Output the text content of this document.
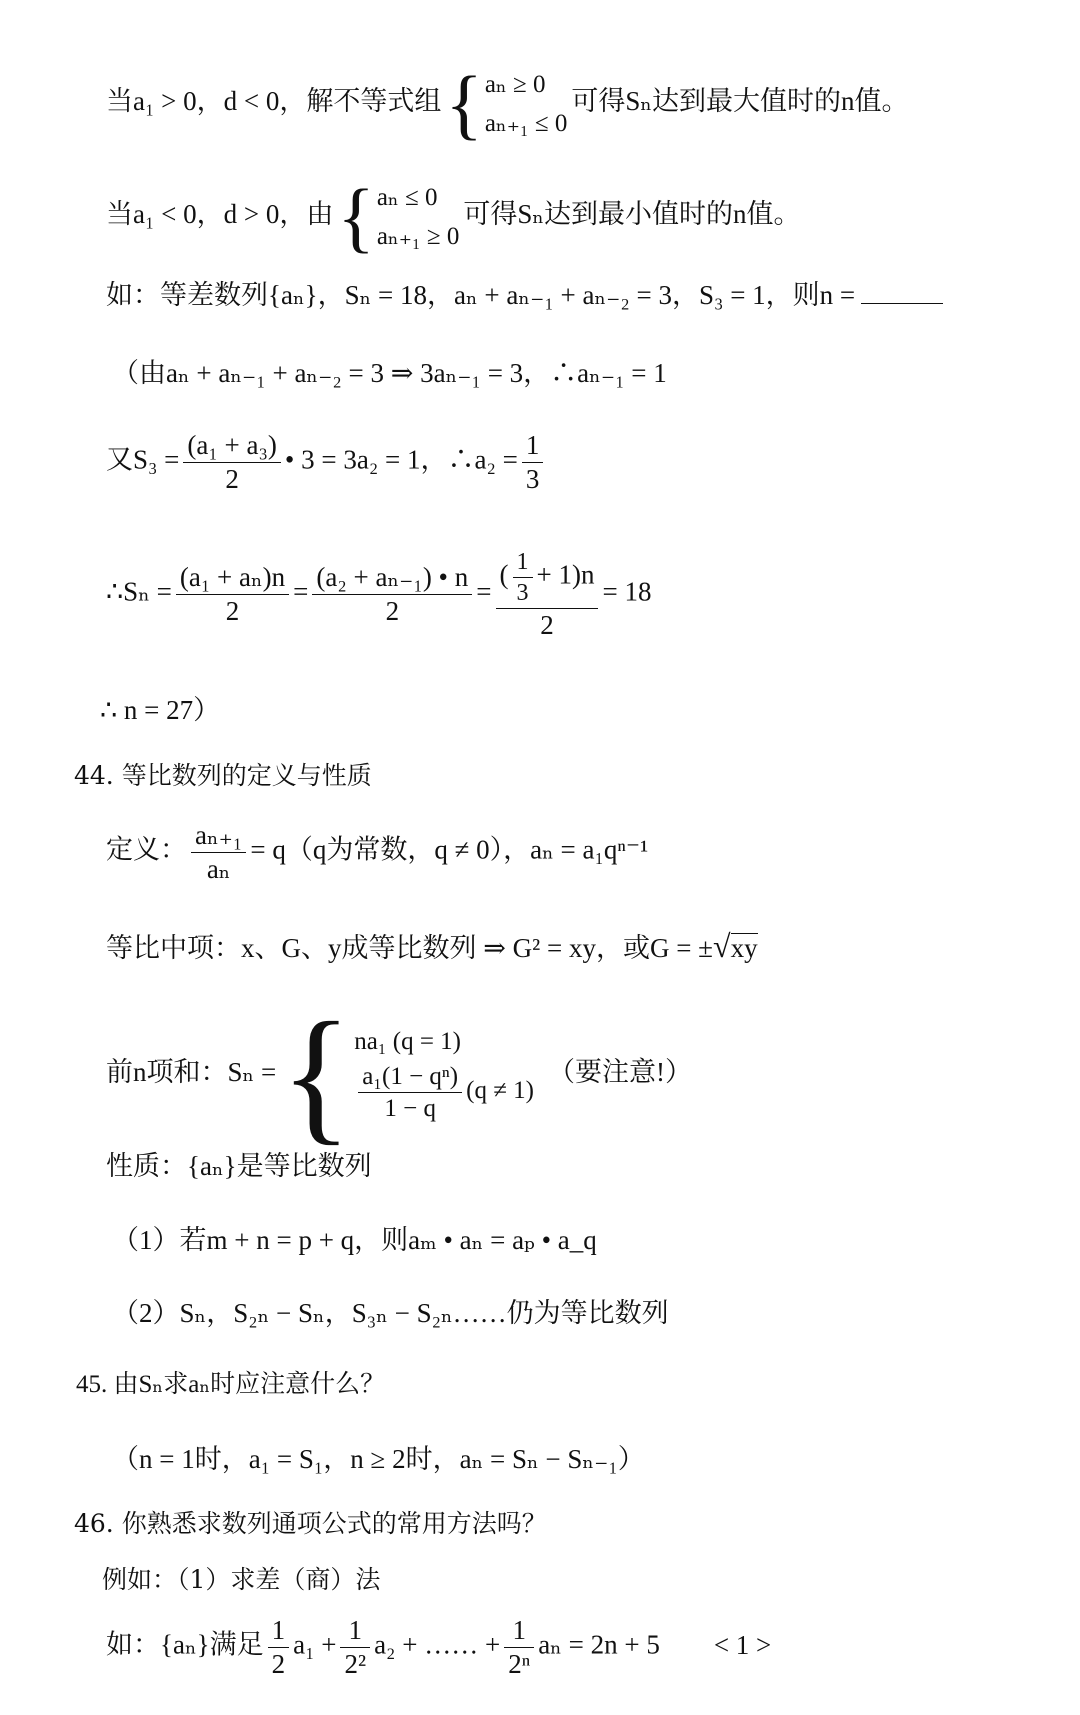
当a₁ > 0，d < 0，解不等式组 { aₙ ≥ 0
aₙ₊₁ ≤ 0
可得Sₙ达到最大值时的n值。
当a₁ < 0，d > 0，由 { aₙ ≤ 0
aₙ₊₁ ≥ 0
可得Sₙ达到最小值时的n值。
如：等差数列{aₙ}，Sₙ = 18，aₙ + aₙ₋₁ + aₙ₋₂ = 3，S₃ = 1，则n =
（由aₙ + aₙ₋₁ + aₙ₋₂ = 3 ⇒ 3aₙ₋₁ = 3，∴aₙ₋₁ = 1
又$S_3 = \frac{\text{(a₁ + a₃)}}{2}$ • 3 = 3a₂ = 1，∴a₂ = $\frac{1}{3}$
∴Sₙ = $\frac{\text{(a₁ + aₙ)n}}{2} = \frac{\text{(a₂ + aₙ₋₁) • n}}{2} = \frac{( \frac{1}{3} + 1)n}{2} = 18$
∴ n = 27）
44. 等比数列的定义与性质
定义： $\frac{\text{aₙ₊₁}}{\text{aₙ}} = q(q$为常数，q ≠ 0），aₙ = a₁qⁿ⁻¹
等比中项：x、G、y成等比数列 ⇒ G² = xy，或G = ±√xy
前n项和：Sₙ = { na₁ (q = 1)
$\frac{\text{a₁(1 − qⁿ)}}{1 - q} (q \ne 1)$
（要注意!）
性质：{aₙ}是等比数列
（1）若m + n = p + q，则aₘ • aₙ = aₚ • a_q
（2）Sₙ，S₂ₙ − Sₙ，S₃ₙ − S₂ₙ……仍为等比数列
45. 由Sₙ求aₙ时应注意什么？
（n = 1时，a₁ = S₁，n ≥ 2时，aₙ = Sₙ − Sₙ₋₁）
46. 你熟悉求数列通项公式的常用方法吗？
例如：（1）求差（商）法
如：{aₙ}满足 $\frac{1}{2} a_1 + \frac{1}{\text{2²}} a_2$ + …… + $\frac{1}{\text{2ⁿ}}$ aₙ = 2n + 5 < 1 >
